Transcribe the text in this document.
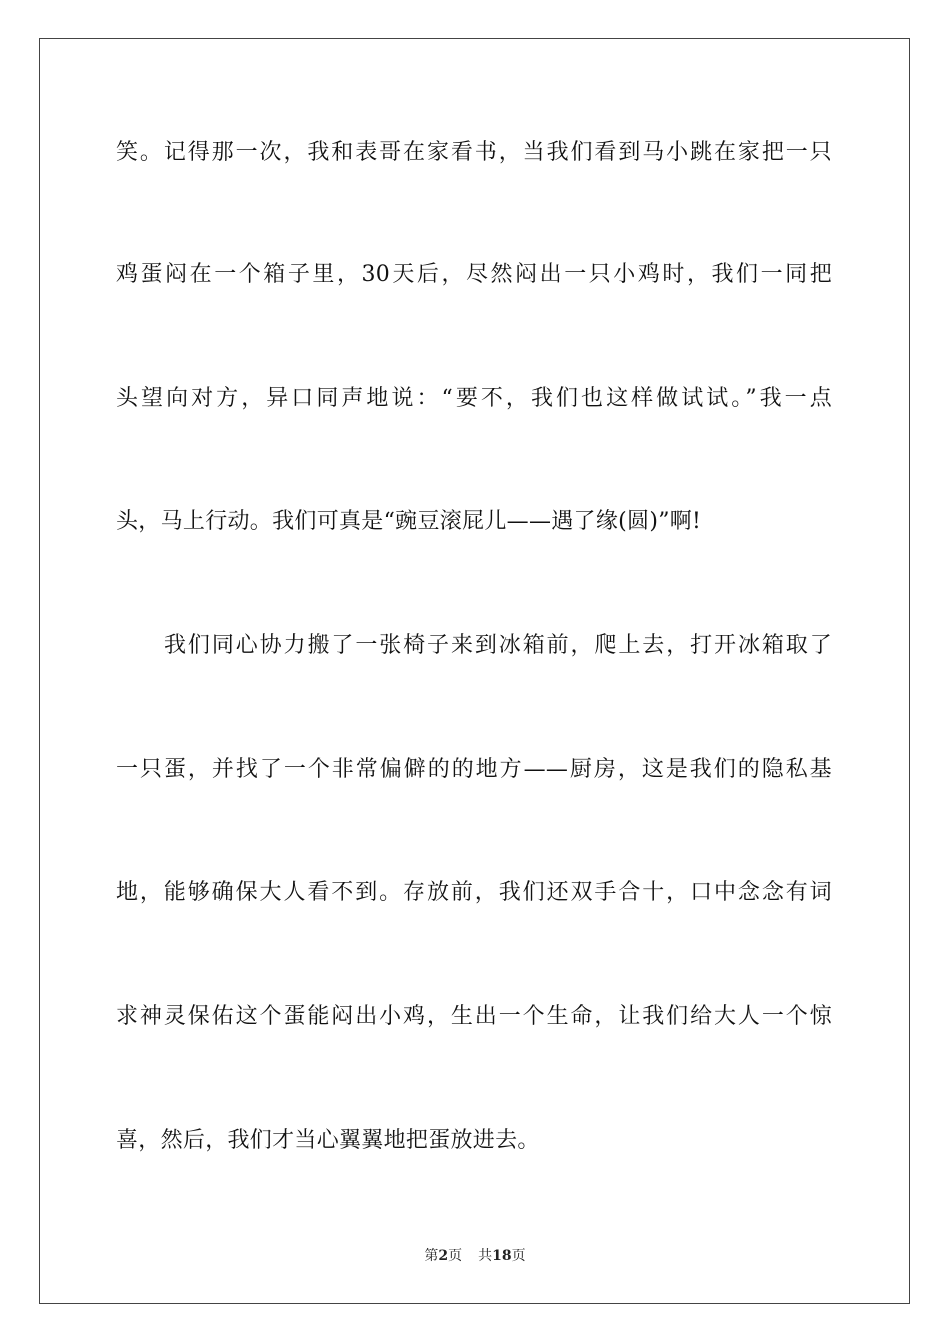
笑。记得那一次，我和表哥在家看书，当我们看到马小跳在家把一只
鸡蛋闷在一个箱子里，30天后，尽然闷出一只小鸡时，我们一同把
头望向对方，异口同声地说：“要不，我们也这样做试试。”我一点
头，马上行动。我们可真是“豌豆滚屁儿——遇了缘(圆)”啊!
我们同心协力搬了一张椅子来到冰箱前，爬上去，打开冰箱取了
一只蛋，并找了一个非常偏僻的的地方——厨房，这是我们的隐私基
地，能够确保大人看不到。存放前，我们还双手合十，口中念念有词
求神灵保佑这个蛋能闷出小鸡，生出一个生命，让我们给大人一个惊
喜，然后，我们才当心翼翼地把蛋放进去。
第2页 共18页
